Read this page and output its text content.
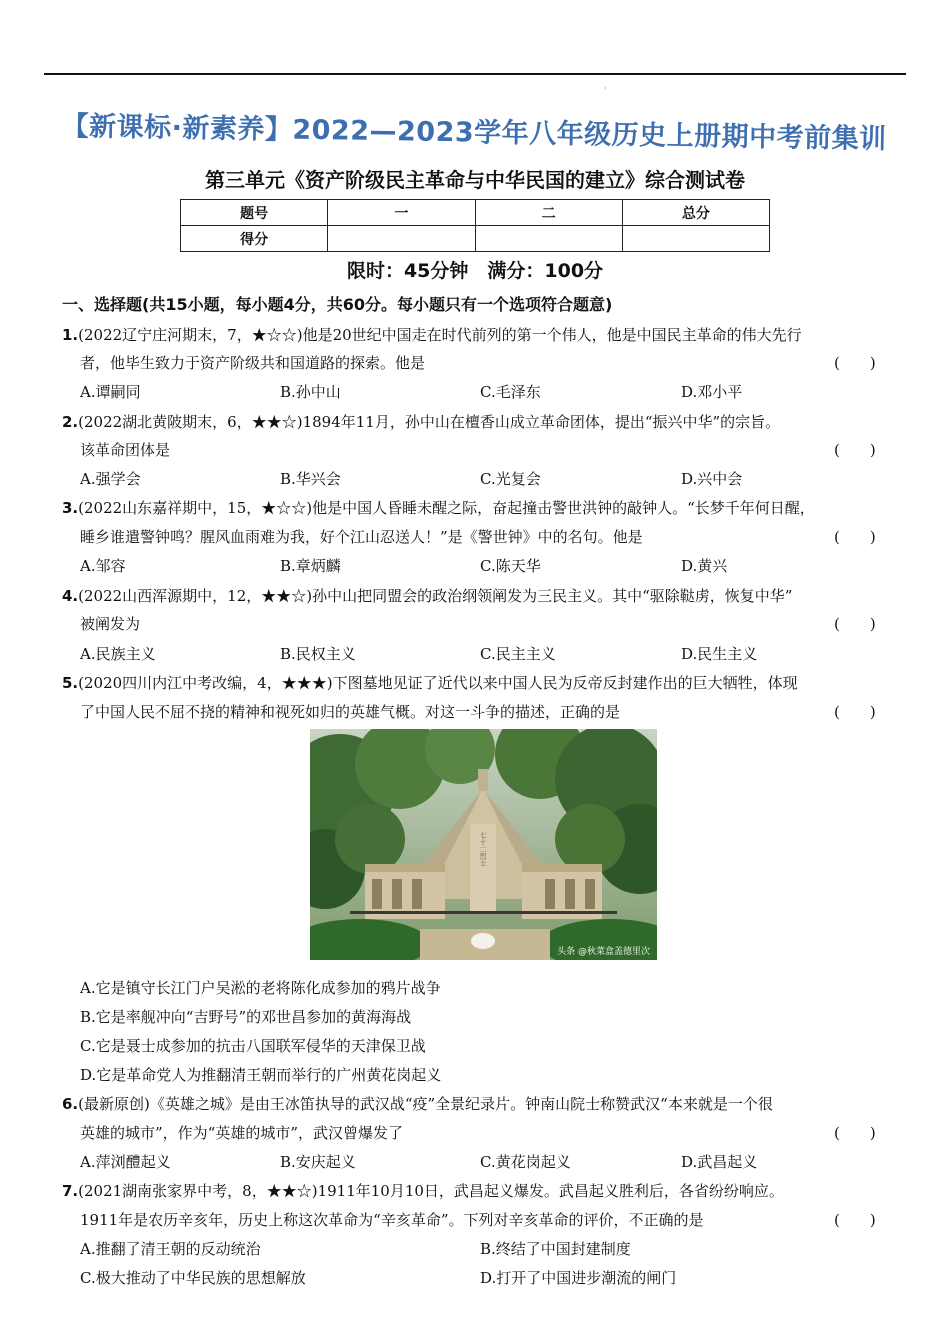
·
【新课标·新素养】2022—2023学年八年级历史上册期中考前集训
第三单元《资产阶级民主革命与中华民国的建立》综合测试卷
题号	一	二	总分
得分			
限时：45分钟　满分：100分
一、选择题(共15小题，每小题4分，共60分。每小题只有一个选项符合题意)
1.(2022辽宁庄河期末，7，★☆☆)他是20世纪中国走在时代前列的第一个伟人，他是中国民主革命的伟大先行
者，他毕生致力于资产阶级共和国道路的探索。他是	(　　)
A.谭嗣同	B.孙中山	C.毛泽东	D.邓小平
2.(2022湖北黄陂期末，6，★★☆)1894年11月，孙中山在檀香山成立革命团体，提出“振兴中华”的宗旨。
该革命团体是	(　　)
A.强学会	B.华兴会	C.光复会	D.兴中会
3.(2022山东嘉祥期中，15，★☆☆)他是中国人昏睡未醒之际，奋起撞击警世洪钟的敲钟人。“长梦千年何日醒，
睡乡谁遣警钟鸣？腥风血雨难为我，好个江山忍送人！”是《警世钟》中的名句。他是	(　　)
A.邹容	B.章炳麟	C.陈天华	D.黄兴
4.(2022山西浑源期中，12，★★☆)孙中山把同盟会的政治纲领阐发为三民主义。其中“驱除鞑虏，恢复中华”
被阐发为	(　　)
A.民族主义	B.民权主义	C.民主主义	D.民生主义
5.(2020四川内江中考改编，4，★★★)下图墓地见证了近代以来中国人民为反帝反封建作出的巨大牺牲，体现
了中国人民不屈不挠的精神和视死如归的英雄气概。对这一斗争的描述，正确的是	(　　)
七十二烈士
头条 @秋菜盒盖德里次
A.它是镇守长江门户吴淞的老将陈化成参加的鸦片战争
B.它是率舰冲向“吉野号”的邓世昌参加的黄海海战
C.它是聂士成参加的抗击八国联军侵华的天津保卫战
D.它是革命党人为推翻清王朝而举行的广州黄花岗起义
6.(最新原创)《英雄之城》是由王冰笛执导的武汉战“疫”全景纪录片。钟南山院士称赞武汉“本来就是一个很
英雄的城市”，作为“英雄的城市”，武汉曾爆发了	(　　)
A.萍浏醴起义	B.安庆起义	C.黄花岗起义	D.武昌起义
7.(2021湖南张家界中考，8，★★☆)1911年10月10日，武昌起义爆发。武昌起义胜利后，各省纷纷响应。
1911年是农历辛亥年，历史上称这次革命为“辛亥革命”。下列对辛亥革命的评价，不正确的是	(　　)
A.推翻了清王朝的反动统治	B.终结了中国封建制度
C.极大推动了中华民族的思想解放	D.打开了中国进步潮流的闸门
